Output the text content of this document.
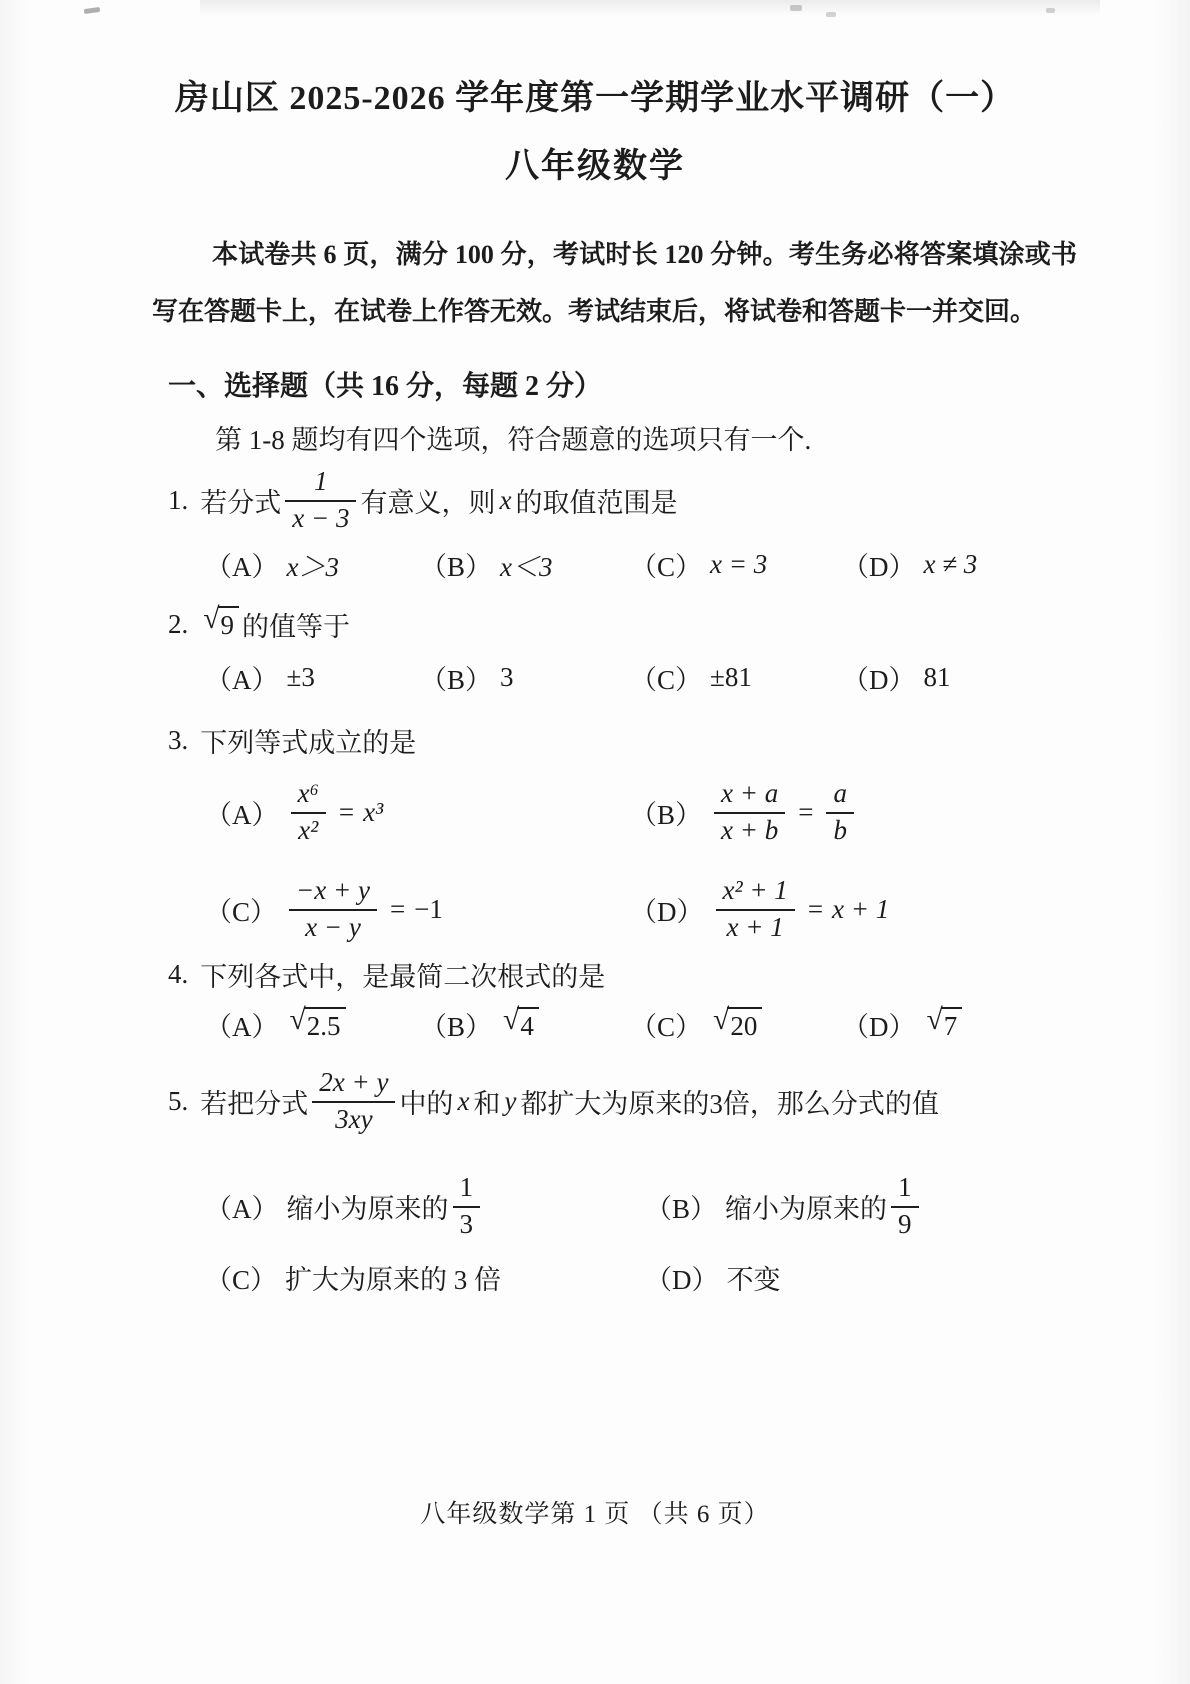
房山区 2025-2026 学年度第一学期学业水平调研（一）
八年级数学
本试卷共 6 页，满分 100 分，考试时长 120 分钟。考生务必将答案填涂或书写在答题卡上，在试卷上作答无效。考试结束后，将试卷和答题卡一并交回。
一、选择题（共 16 分，每题 2 分）
第 1-8 题均有四个选项，符合题意的选项只有一个.
1. 若分式 $\frac{1}{x - 3}$ 有意义，则 x 的取值范围是
（A） x＞3	（B） x＜3	（C） x = 3	（D） x ≠ 3
2. √ 9 的值等于
（A） ±3	（B） 3	（C） ±81	（D） 81
3. 下列等式成立的是
$(A) \frac{\text{x⁶}}{\text{x²}} = x^3$	$(B) \frac{x + a}{x + b} = \frac{a}{b}$
$(C) \frac{-x + y}{x - y} = -1$	$(D) \frac{\text{x² + 1}}{x + 1} = x + 1$
4. 下列各式中，是最简二次根式的是
（A） √ 2.5	（B） √ 4	（C） √ 20	（D） √ 7
5. 若把分式 $\frac{2x + y}{3xy}$ 中的 x 和 y 都扩大为原来的3倍，那么分式的值
（A） 缩小为原来的 $\frac{1}{3}$	（B） 缩小为原来的 $\frac{1}{9}$
（C） 扩大为原来的 3 倍	（D） 不变
八年级数学第 1 页 （共 6 页）
